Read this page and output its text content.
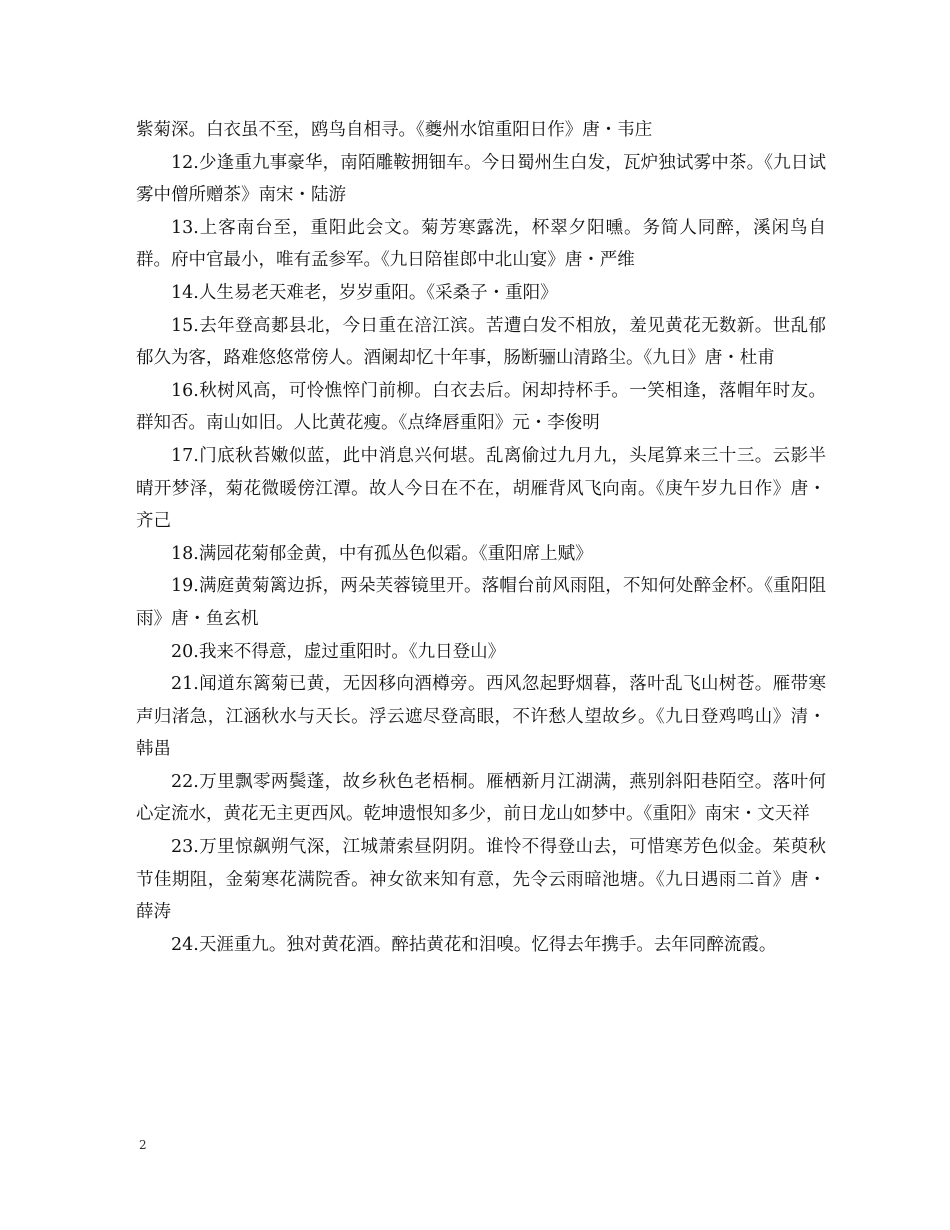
紫菊深。白衣虽不至，鸥鸟自相寻。《夔州水馆重阳日作》唐・韦庄

12.少逢重九事豪华，南陌雕鞍拥钿车。今日蜀州生白发，瓦炉独试雾中茶。《九日试雾中僧所赠茶》南宋・陆游

13.上客南台至，重阳此会文。菊芳寒露洗，杯翠夕阳曛。务简人同醉，溪闲鸟自群。府中官最小，唯有孟参军。《九日陪崔郎中北山宴》唐・严维

14.人生易老天难老，岁岁重阳。《采桑子・重阳》

15.去年登高郪县北，今日重在涪江滨。苦遭白发不相放，羞见黄花无数新。世乱郁郁久为客，路难悠悠常傍人。酒阑却忆十年事，肠断骊山清路尘。《九日》唐・杜甫

16.秋树风高，可怜憔悴门前柳。白衣去后。闲却持杯手。一笑相逢，落帽年时友。群知否。南山如旧。人比黄花瘦。《点绛唇重阳》元・李俊明

17.门底秋苔嫩似蓝，此中消息兴何堪。乱离偷过九月九，头尾算来三十三。云影半晴开梦泽，菊花微暖傍江潭。故人今日在不在，胡雁背风飞向南。《庚午岁九日作》唐・齐己

18.满园花菊郁金黄，中有孤丛色似霜。《重阳席上赋》

19.满庭黄菊篱边拆，两朵芙蓉镜里开。落帽台前风雨阻，不知何处醉金杯。《重阳阻雨》唐・鱼玄机

20.我来不得意，虚过重阳时。《九日登山》

21.闻道东篱菊已黄，无因移向酒樽旁。西风忽起野烟暮，落叶乱飞山树苍。雁带寒声归渚急，江涵秋水与天长。浮云遮尽登高眼，不许愁人望故乡。《九日登鸡鸣山》清・韩畕

22.万里飘零两鬓蓬，故乡秋色老梧桐。雁栖新月江湖满，燕别斜阳巷陌空。落叶何心定流水，黄花无主更西风。乾坤遗恨知多少，前日龙山如梦中。《重阳》南宋・文天祥

23.万里惊飙朔气深，江城萧索昼阴阴。谁怜不得登山去，可惜寒芳色似金。茱萸秋节佳期阻，金菊寒花满院香。神女欲来知有意，先令云雨暗池塘。《九日遇雨二首》唐・薛涛

24.天涯重九。独对黄花酒。醉拈黄花和泪嗅。忆得去年携手。去年同醉流霞。

2
